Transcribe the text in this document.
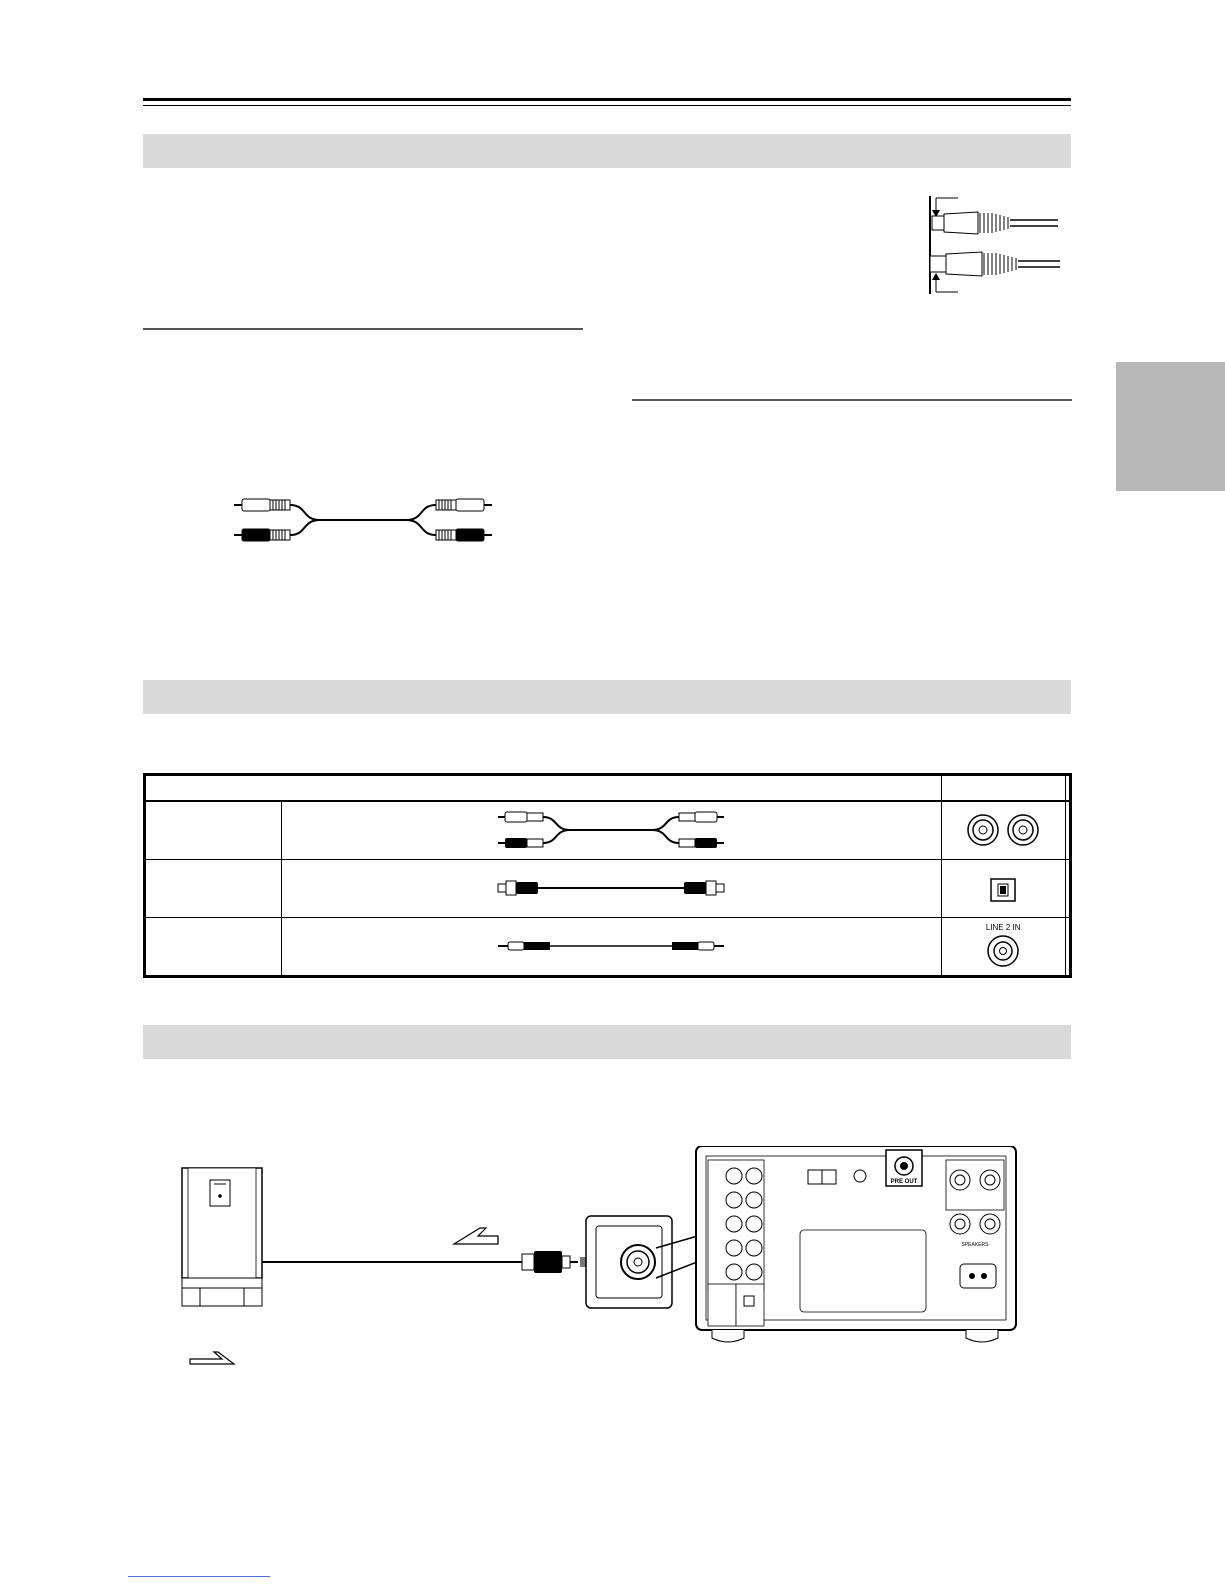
LINE 2 IN	

PRE OUT
SPEAKERS
